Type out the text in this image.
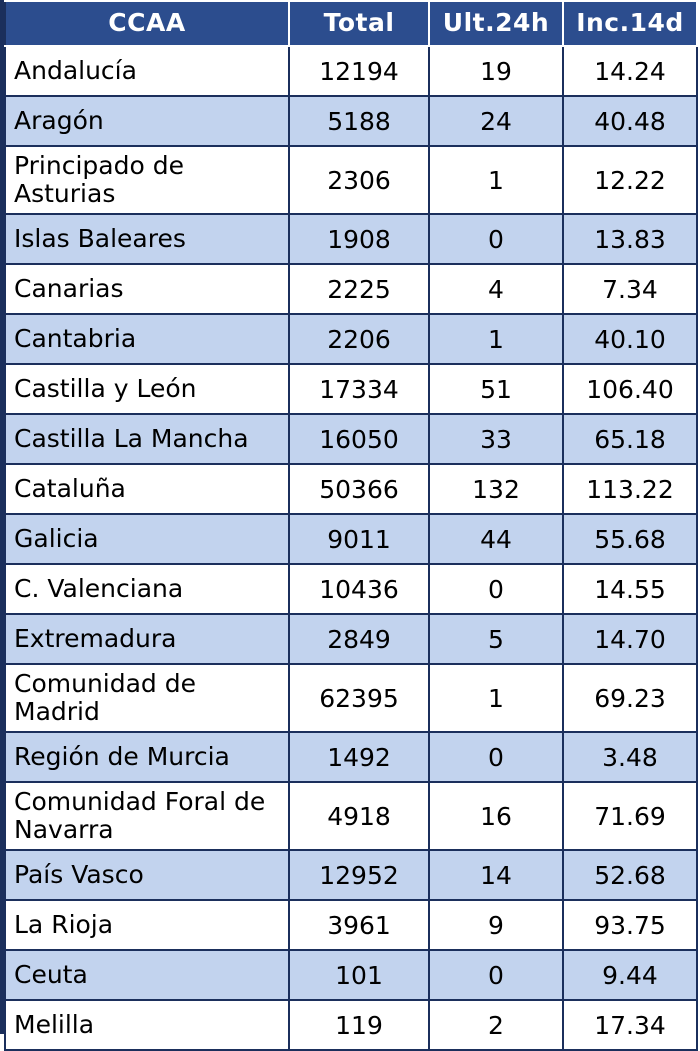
CCAA	Total	Ult.24h	Inc.14d
Andalucía	12194	19	14.24
Aragón	5188	24	40.48
Principado de Asturias	2306	1	12.22
Islas Baleares	1908	0	13.83
Canarias	2225	4	7.34
Cantabria	2206	1	40.10
Castilla y León	17334	51	106.40
Castilla La Mancha	16050	33	65.18
Cataluña	50366	132	113.22
Galicia	9011	44	55.68
C. Valenciana	10436	0	14.55
Extremadura	2849	5	14.70
Comunidad de Madrid	62395	1	69.23
Región de Murcia	1492	0	3.48
Comunidad Foral de Navarra	4918	16	71.69
País Vasco	12952	14	52.68
La Rioja	3961	9	93.75
Ceuta	101	0	9.44
Melilla	119	2	17.34
